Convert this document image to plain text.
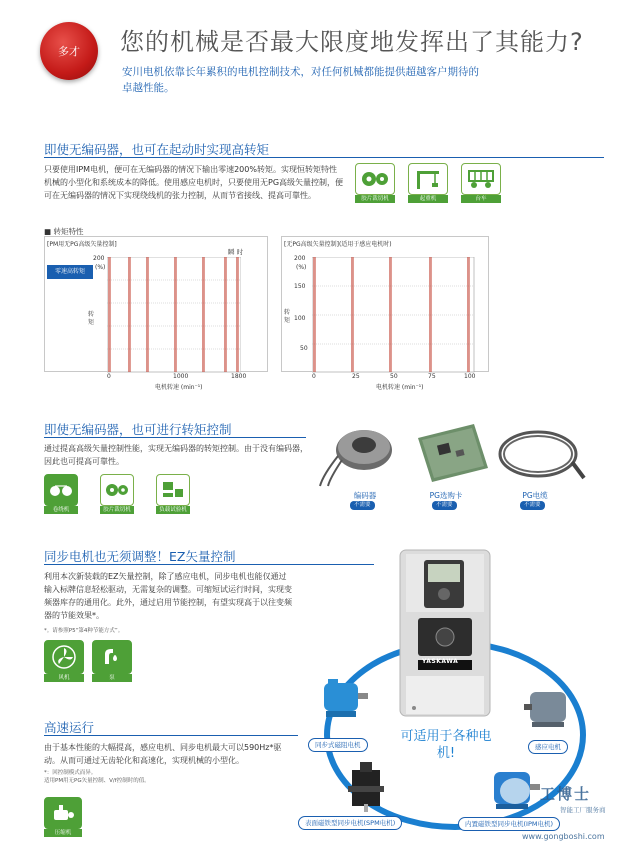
多才 您的机械是否最大限度地发挥出了其能力?
安川电机依靠长年累积的电机控制技术，对任何机械都能提供超越客户期待的卓越性能。
即使无编码器，也可在起动时实现高转矩
只要使用IPM电机，便可在无编码器的情况下输出零速200%转矩。实现恒转矩特性机械的小型化和系统成本的降低。使用感应电机时，只要使用无PG高级矢量控制，便可在无编码器的情况下实现绕线机的张力控制，从而节省接线、提高可靠性。	胶片裁切机	起重机	台车
■ 转矩特性
[PM用无PG高级矢量控制]
瞬 时
零速高转矩
200
(%)
转矩
0	1000	1800
电机转速 (min⁻¹)
[无PG高级矢量控制](适用于感应电机时)
200
(%)
150
100
50
转矩
0	25	50	75	100
电机转速 (min⁻¹)
即使无编码器，也可进行转矩控制
通过提高高级矢量控制性能，实现无编码器的转矩控制。由于没有编码器，因此也可提高可靠性。
卷绕机	胶片裁切机	负载试验机
编码器
不需要
PG选购卡
不需要
PG电缆
不需要
同步电机也无须调整！EZ矢量控制
利用本次新装载的EZ矢量控制，除了感应电机，同步电机也能仅通过输入标牌信息轻松驱动，无需复杂的调整。可缩短试运行时间，实现变频器库存的通用化。此外，通过启用节能控制，有望实现高于以往变频器的节能效果*。
*。请参照P5“第4种节能方式”。
风机	泵
高速运行
由于基本性能的大幅提高，感应电机、同步电机最大可以590Hz*驱动。从而可通过无齿轮化和高速化，实现机械的小型化。
*：回控制模式而异。
适用PM用无PG矢量控制、V/f控制时的值。
压缩机
YASKAWA
可适用于各种电机!
同步式磁阻电机	感应电机
表面磁铁型同步电机(SPM电机)	内置磁铁型同步电机(IPM电机)
工博士
智能工厂服务商
www.gongboshi.com
